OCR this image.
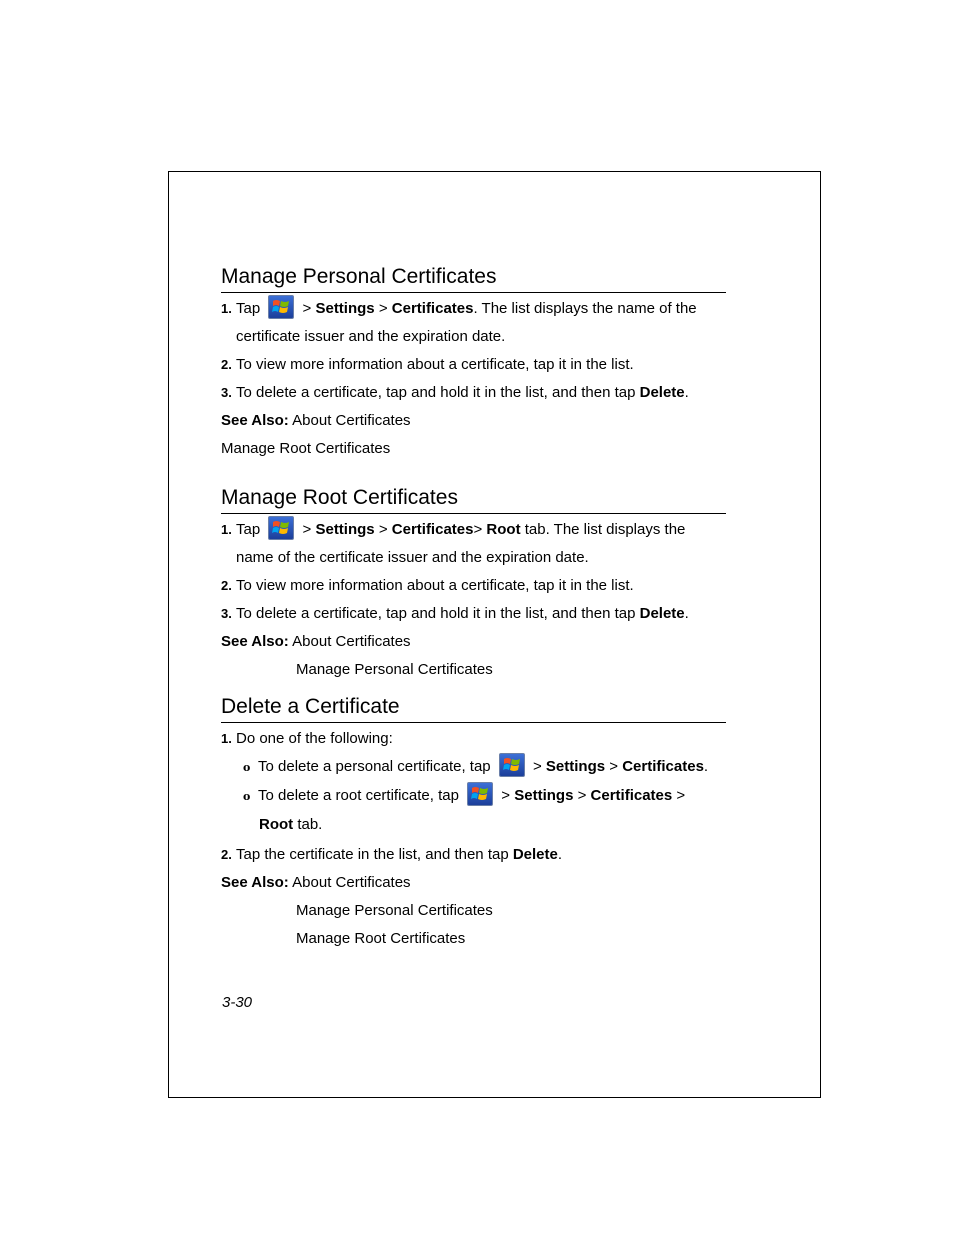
Manage Personal Certificates
1. Tap	> Settings > Certificates. The list displays the name of the
certificate issuer and the expiration date.
2. To view more information about a certificate, tap it in the list.
3. To delete a certificate, tap and hold it in the list, and then tap Delete.
See Also: About Certificates
Manage Root Certificates
Manage Root Certificates
1. Tap	> Settings > Certificates> Root tab. The list displays the
name of the certificate issuer and the expiration date.
2. To view more information about a certificate, tap it in the list.
3. To delete a certificate, tap and hold it in the list, and then tap Delete.
See Also: About Certificates
Manage Personal Certificates
Delete a Certificate
1. Do one of the following:
o To delete a personal certificate, tap	> Settings > Certificates.
o To delete a root certificate, tap	> Settings > Certificates >
Root tab.
2. Tap the certificate in the list, and then tap Delete.
See Also: About Certificates
Manage Personal Certificates
Manage Root Certificates
3-30
